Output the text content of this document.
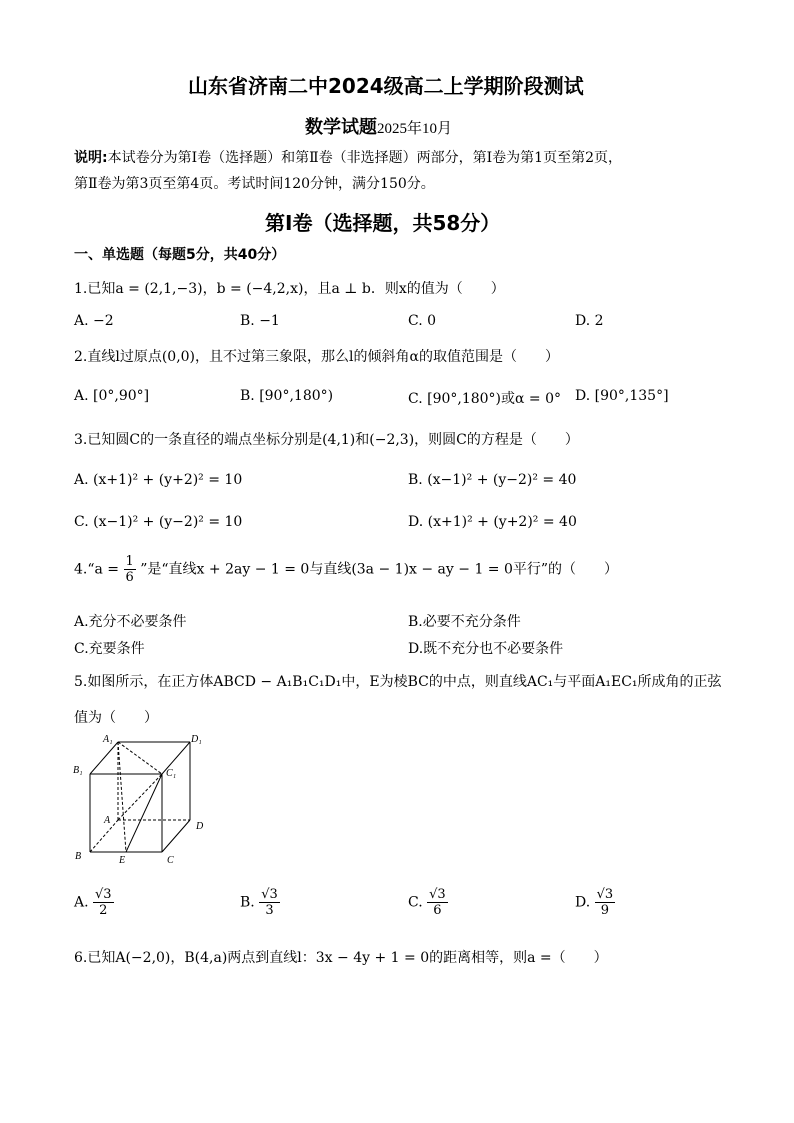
山东省济南二中2024级高二上学期阶段测试
数学试题2025年10月
说明:本试卷分为第Ⅰ卷（选择题）和第Ⅱ卷（非选择题）两部分，第Ⅰ卷为第1页至第2页，
第Ⅱ卷为第3页至第4页。考试时间120分钟，满分150分。
第Ⅰ卷（选择题，共58分）
一、单选题（每题5分，共40分）
1.已知a = (2,1,−3)，b = (−4,2,x)，且a ⊥ b．则x的值为（　　）
A. −2	B. −1	C. 0	D. 2
2.直线l过原点(0,0)，且不过第三象限，那么l的倾斜角α的取值范围是（　　）
A. [0°,90°]	B. [90°,180°)	C. [90°,180°)或α = 0° D. [90°,135°]
3.已知圆C的一条直径的端点坐标分别是(4,1)和(−2,3)，则圆C的方程是（　　）
A. (x+1)² + (y+2)² = 10	B. (x−1)² + (y−2)² = 40
C. (x−1)² + (y−2)² = 10	D. (x+1)² + (y+2)² = 40
4.“a = $\frac{1}{6}$ ”是“直线x + 2ay − 1 = 0与直线(3a − 1)x − ay − 1 = 0平行”的（　　）
A.充分不必要条件	B.必要不充分条件
C.充要条件	D.既不充分也不必要条件
5.如图所示，在正方体ABCD − A₁B₁C₁D₁中，E为棱BC的中点，则直线AC₁与平面A₁EC₁所成角的正弦
值为（　　）
A₁	D₁
B₁	C₁
A
D
B	E	C
A. $\frac{√3}{2}$	B. $\frac{√3}{3}$	C. $\frac{√3}{6}$	D. $\frac{√3}{9}$
6.已知A(−2,0)，B(4,a)两点到直线l：3x − 4y + 1 = 0的距离相等，则a =（　　）
